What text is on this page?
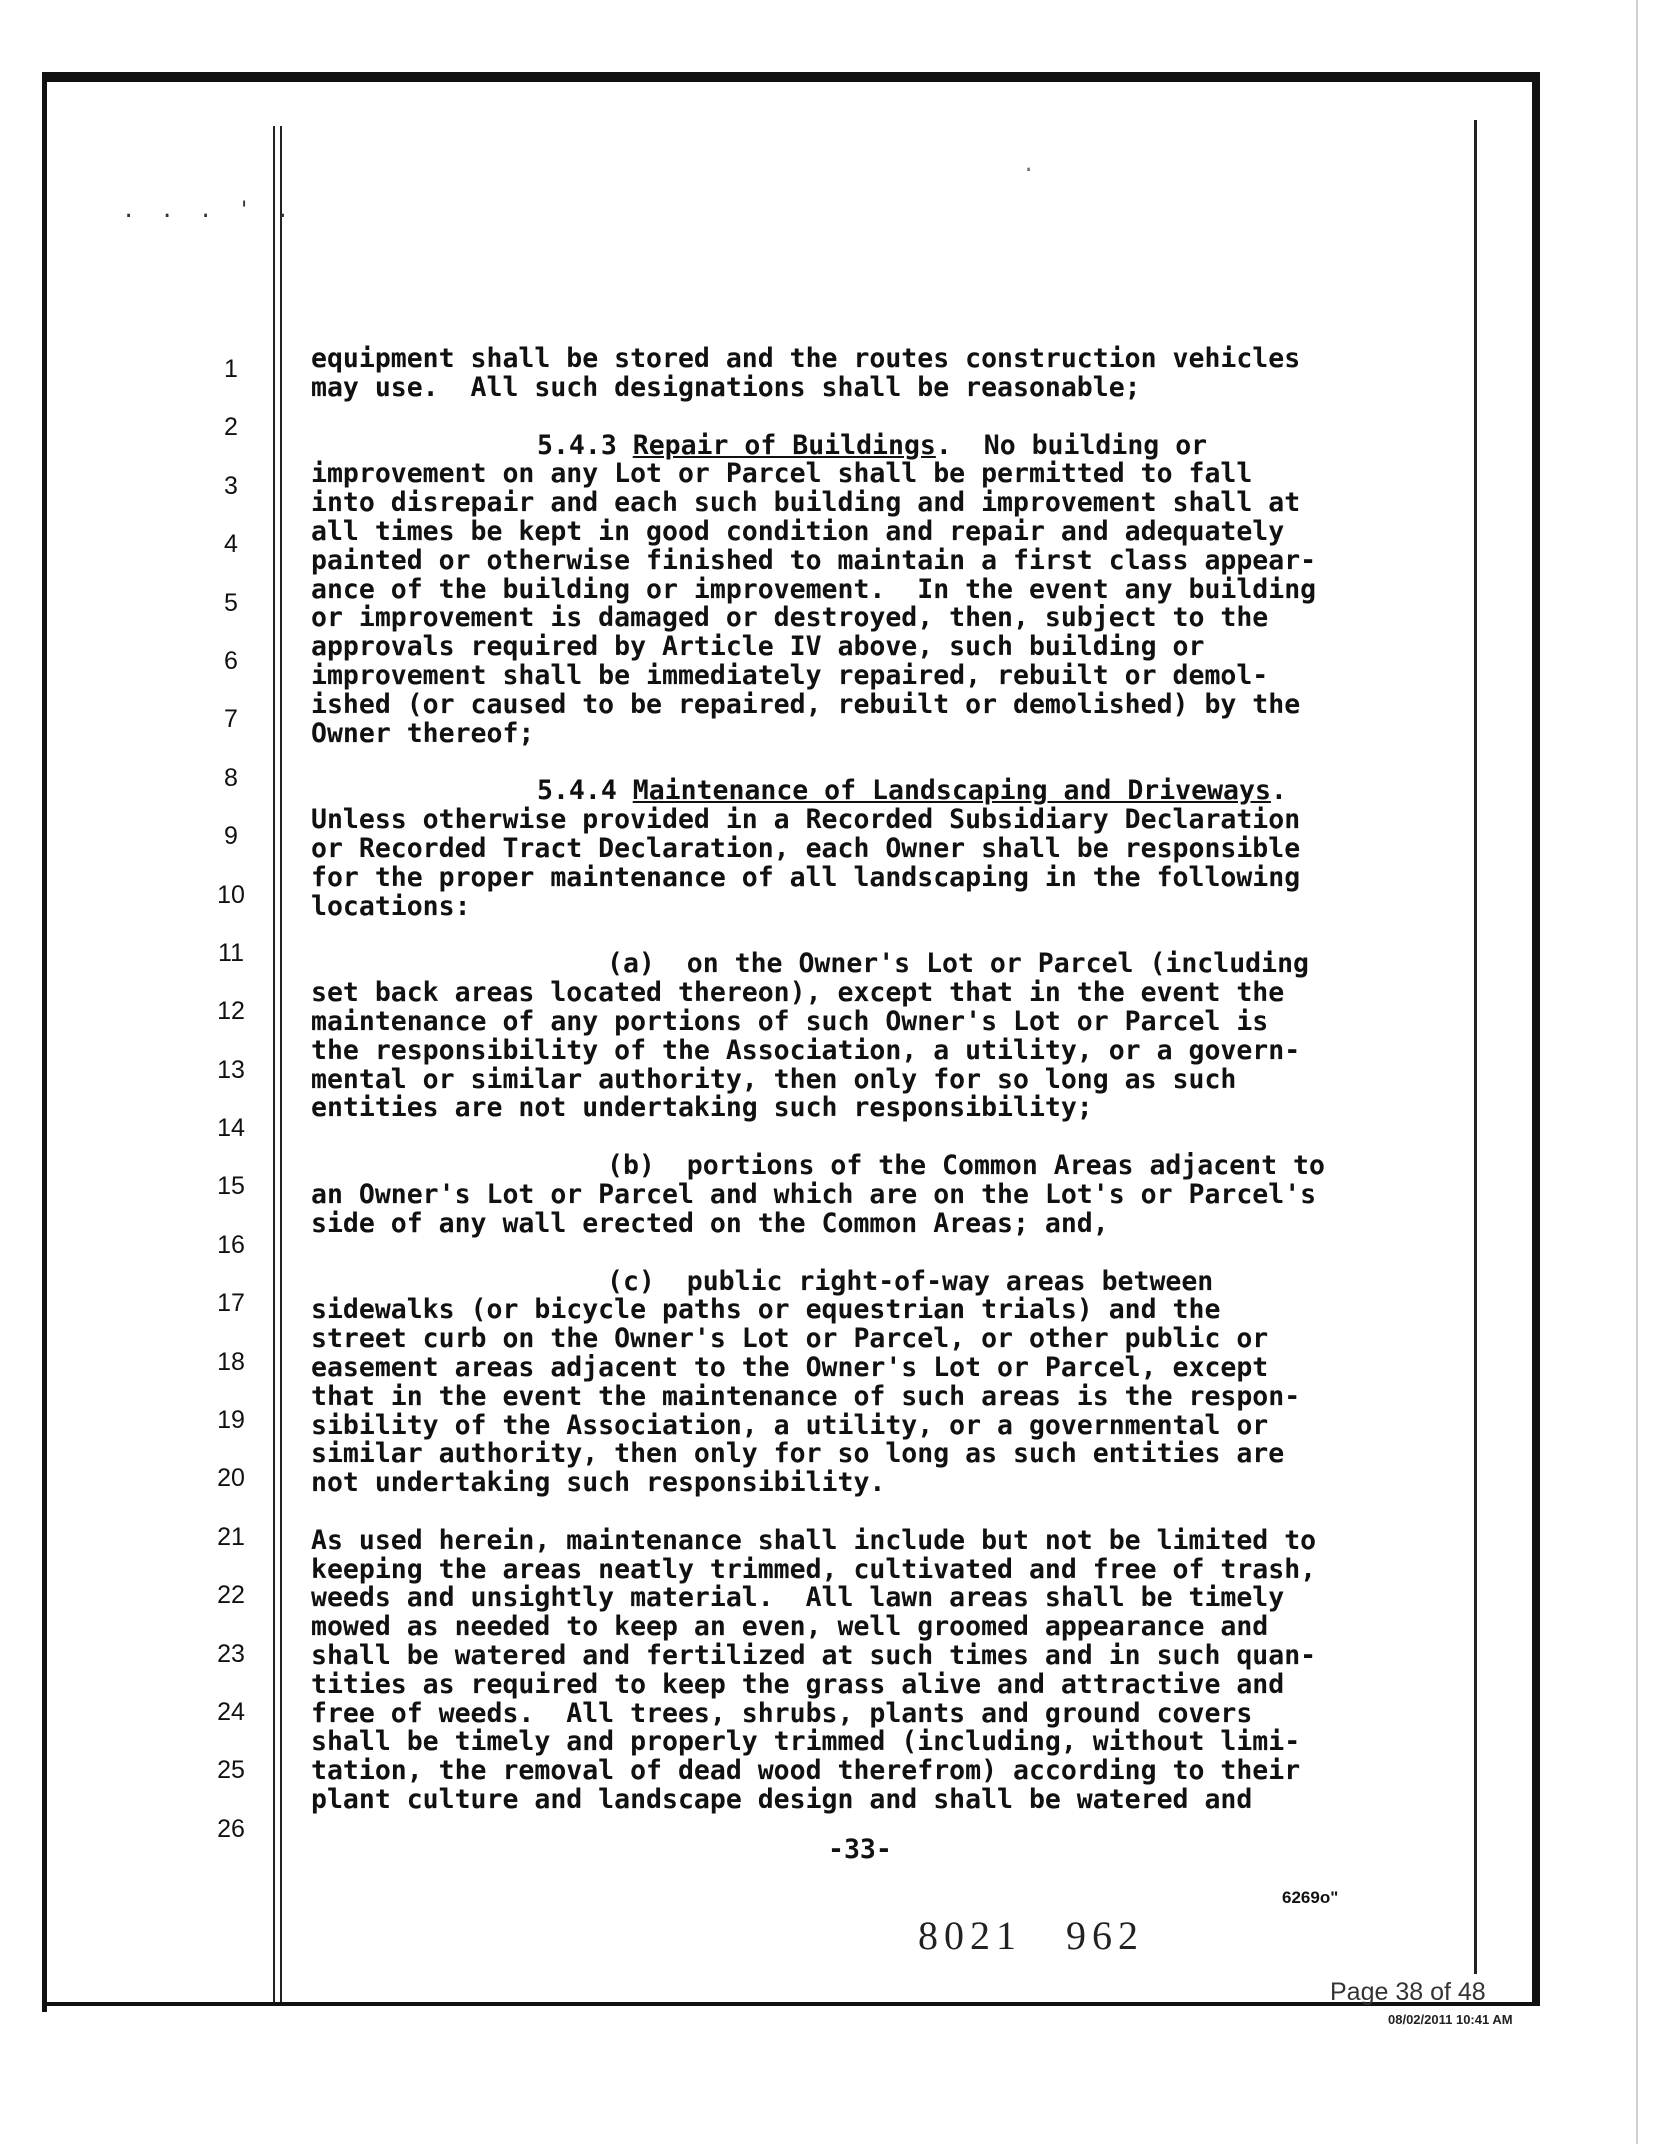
. . . ' .
·
1
2
3
4
5
6
7
8
9
10
11
12
13
14
15
16
17
18
19
20
21
22
23
24
25
26

equipment shall be stored and the routes construction vehicles
may use.  All such designations shall be reasonable;

5.4.3 Repair of Buildings.  No building or
improvement on any Lot or Parcel shall be permitted to fall
into disrepair and each such building and improvement shall at
all times be kept in good condition and repair and adequately
painted or otherwise finished to maintain a first class appear-
ance of the building or improvement.  In the event any building
or improvement is damaged or destroyed, then, subject to the
approvals required by Article IV above, such building or
improvement shall be immediately repaired, rebuilt or demol-
ished (or caused to be repaired, rebuilt or demolished) by the
Owner thereof;

5.4.4 Maintenance of Landscaping and Driveways.
Unless otherwise provided in a Recorded Subsidiary Declaration
or Recorded Tract Declaration, each Owner shall be responsible
for the proper maintenance of all landscaping in the following
locations:

(a)  on the Owner's Lot or Parcel (including
set back areas located thereon), except that in the event the
maintenance of any portions of such Owner's Lot or Parcel is
the responsibility of the Association, a utility, or a govern-
mental or similar authority, then only for so long as such
entities are not undertaking such responsibility;

(b)  portions of the Common Areas adjacent to
an Owner's Lot or Parcel and which are on the Lot's or Parcel's
side of any wall erected on the Common Areas; and,

(c)  public right-of-way areas between
sidewalks (or bicycle paths or equestrian trials) and the
street curb on the Owner's Lot or Parcel, or other public or
easement areas adjacent to the Owner's Lot or Parcel, except
that in the event the maintenance of such areas is the respon-
sibility of the Association, a utility, or a governmental or
similar authority, then only for so long as such entities are
not undertaking such responsibility.

As used herein, maintenance shall include but not be limited to
keeping the areas neatly trimmed, cultivated and free of trash,
weeds and unsightly material.  All lawn areas shall be timely
mowed as needed to keep an even, well groomed appearance and
shall be watered and fertilized at such times and in such quan-
tities as required to keep the grass alive and attractive and
free of weeds.  All trees, shrubs, plants and ground covers
shall be timely and properly trimmed (including, without limi-
tation, the removal of dead wood therefrom) according to their
plant culture and landscape design and shall be watered and

-33-
6269o"
8021 962
Page 38 of 48
08/02/2011 10:41 AM
